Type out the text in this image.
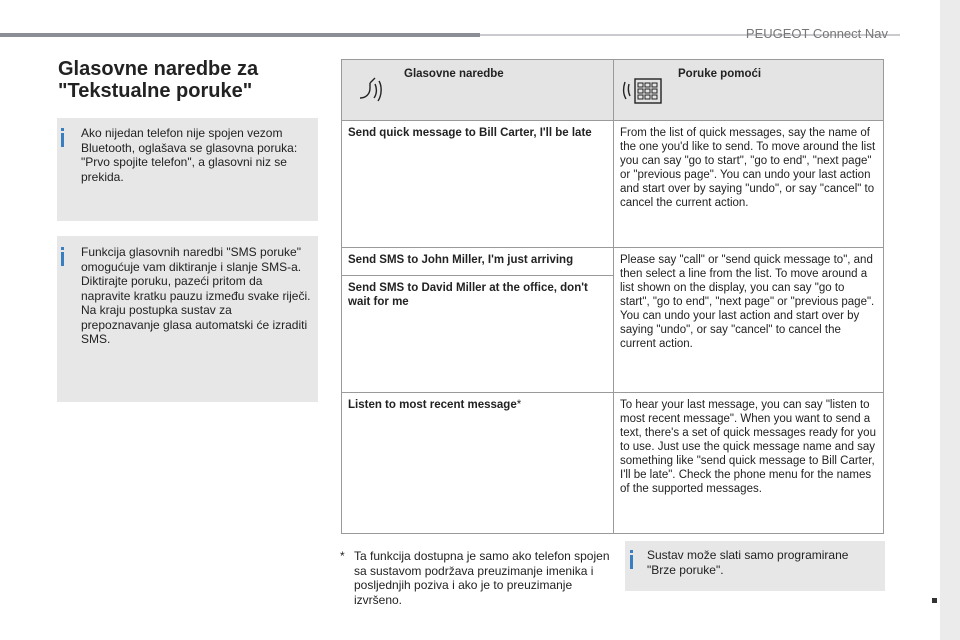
PEUGEOT Connect Nav
11
Glasovne naredbe za
"Tekstualne poruke"
Ako nijedan telefon nije spojen vezom Bluetooth, oglašava se glasovna poruka: "Prvo spojite telefon", a glasovni niz se prekida.
Funkcija glasovnih naredbi "SMS poruke" omogućuje vam diktiranje i slanje SMS-a.
Diktirajte poruku, pazeći pritom da napravite kratku pauzu između svake riječi.
Na kraju postupka sustav za prepoznavanje glasa automatski će izraditi SMS.
Glasovne naredbe	Poruke pomoći

Send quick message to Bill Carter, I'll be late	From the list of quick messages, say the name of the one you'd like to send. To move around the list you can say "go to start", "go to end", "next page" or "previous page". You can undo your last action and start over by saying "undo", or say "cancel" to cancel the current action.

Send SMS to John Miller, I'm just arriving
Send SMS to David Miller at the office, don't wait for me	Please say "call" or "send quick message to", and then select a line from the list. To move around a list shown on the display, you can say "go to start", "go to end", "next page" or "previous page". You can undo your last action and start over by saying "undo", or say "cancel" to cancel the current action.
Listen to most recent message*	To hear your last message, you can say "listen to most recent message". When you want to send a text, there's a set of quick messages ready for you to use. Just use the quick message name and say something like "send quick message to Bill Carter, I'll be late". Check the phone menu for the names of the supported messages.
* Ta funkcija dostupna je samo ako telefon spojen sa sustavom podržava preuzimanje imenika i posljednjih poziva i ako je to preuzimanje izvršeno.
Sustav može slati samo programirane "Brze poruke".
